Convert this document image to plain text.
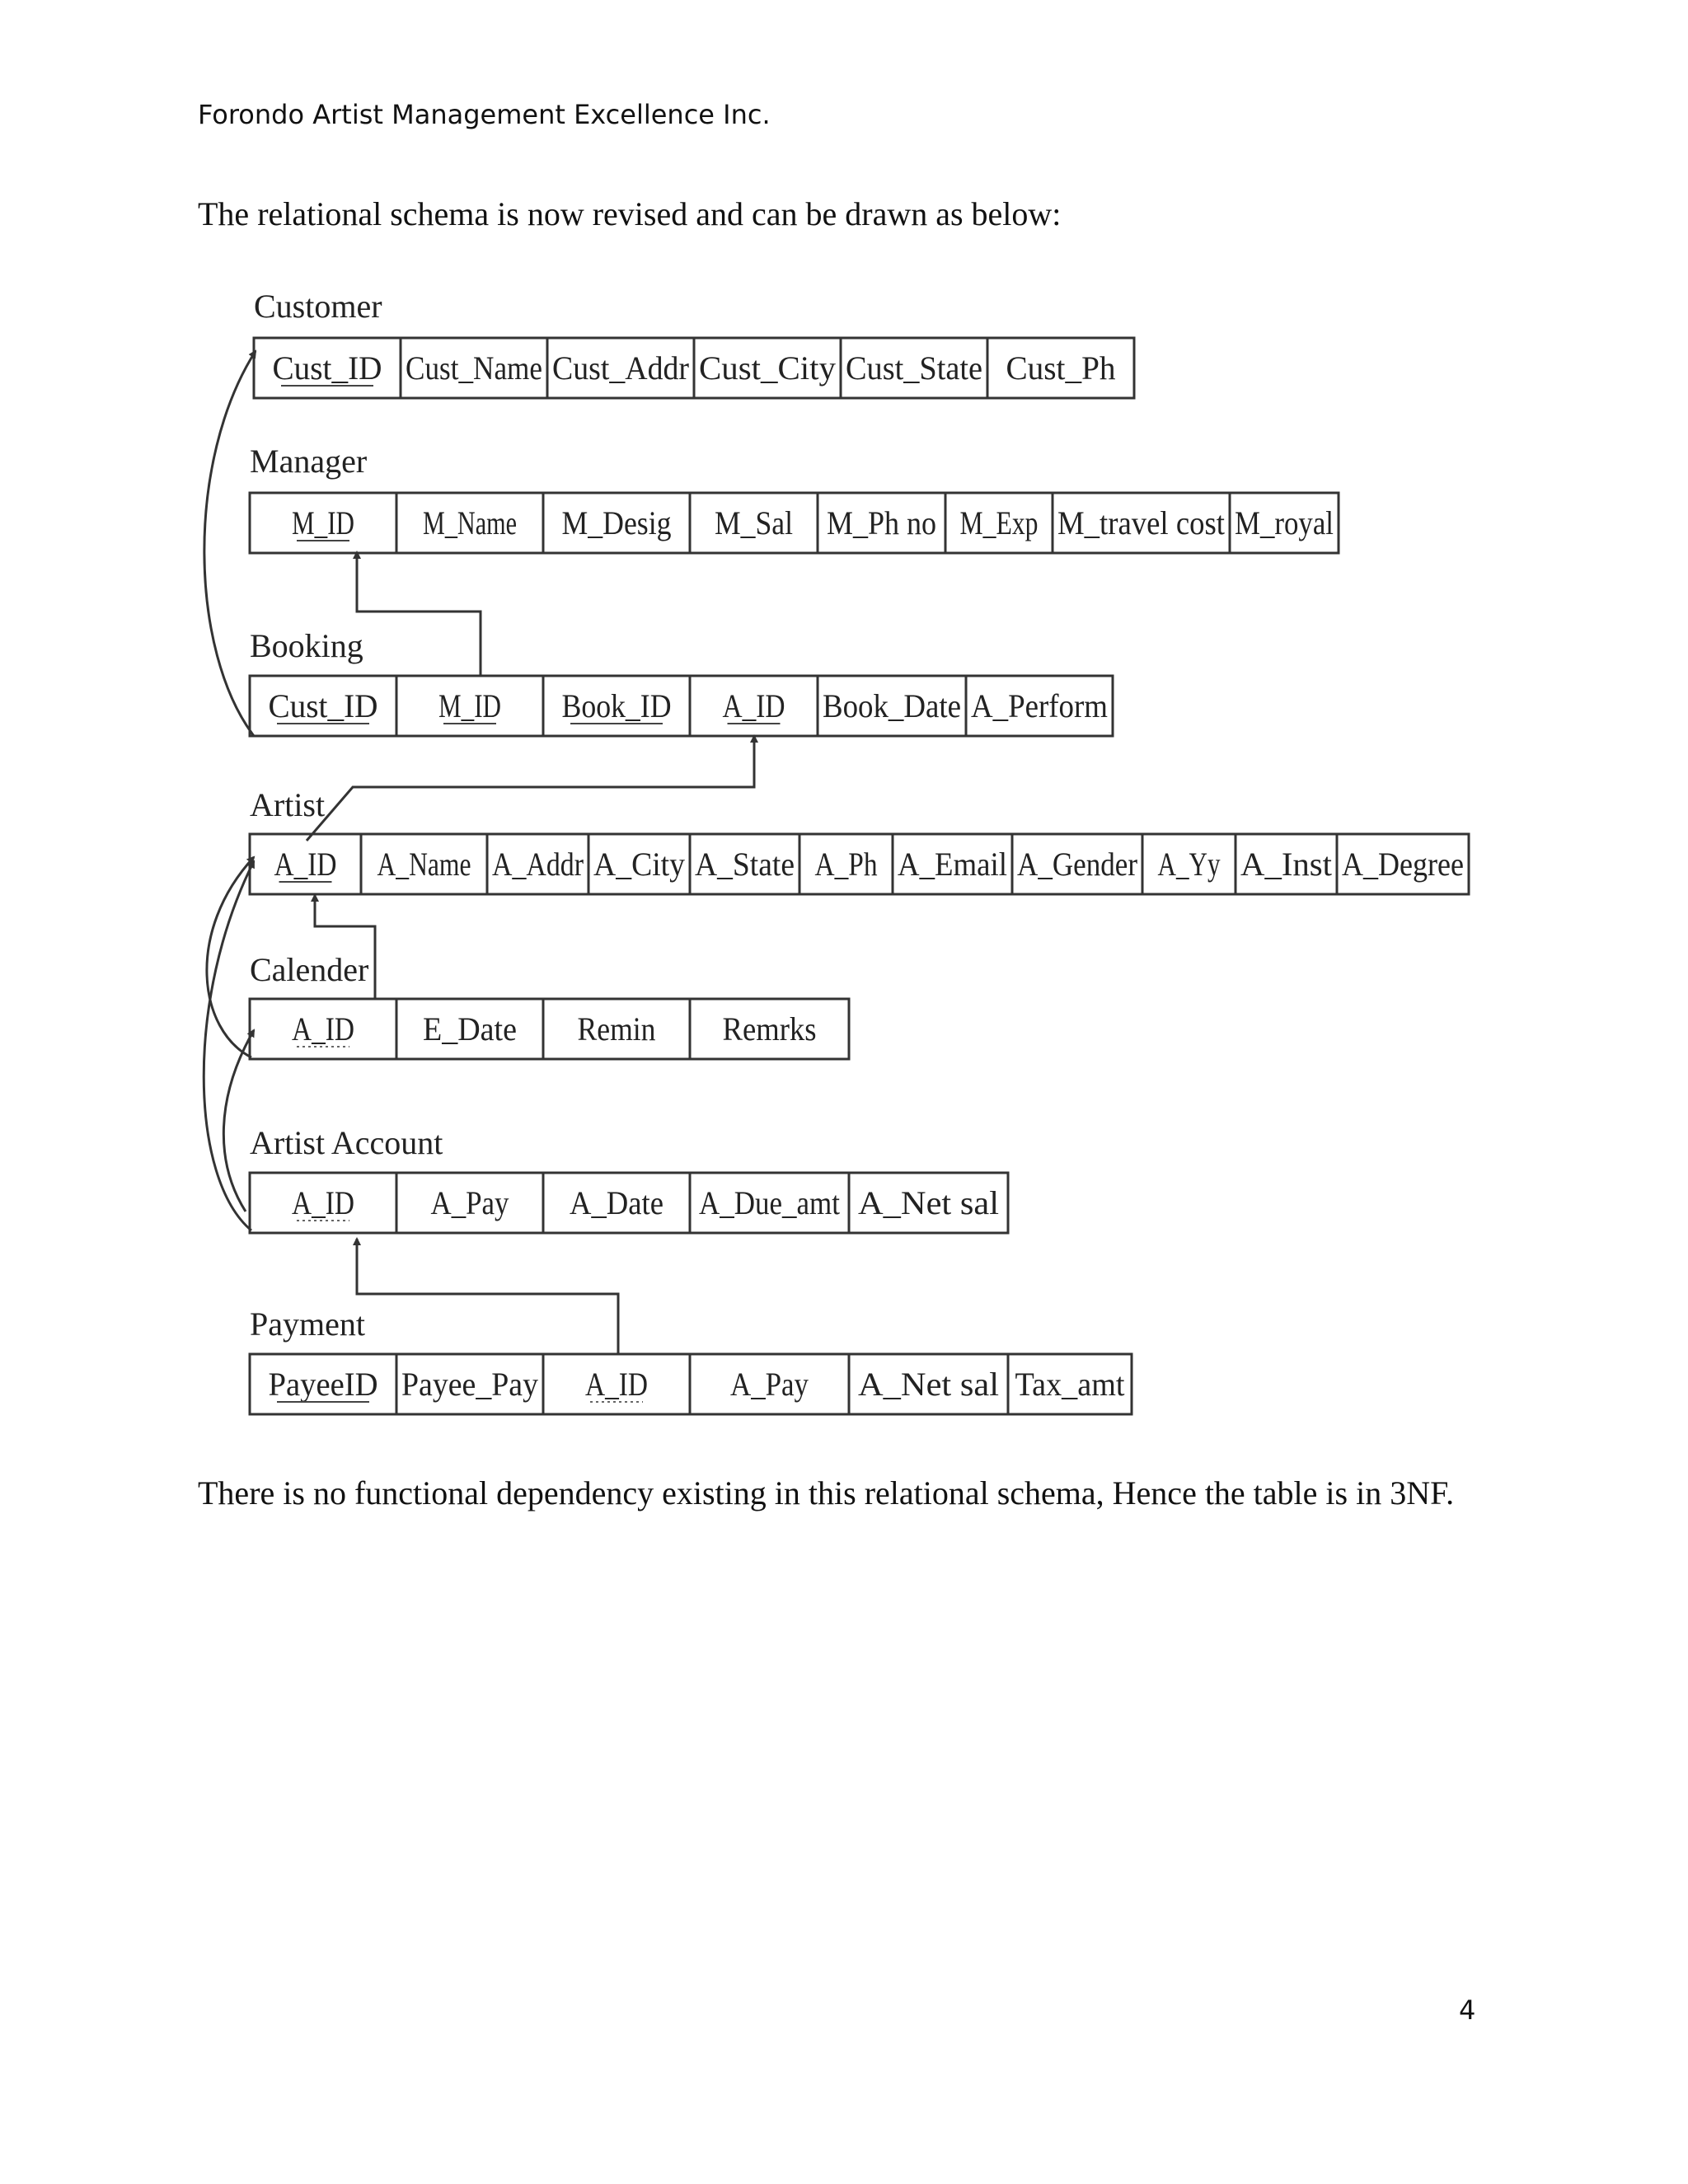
Forondo Artist Management Excellence Inc.
The relational schema is now revised and can be drawn as below:
Customer
Cust_ID Cust_Name Cust_Addr Cust_City Cust_State Cust_Ph
Manager
M_ID M_Name M_Desig M_Sal M_Ph no M_Exp M_travel cost M_royal
Booking
Cust_ID M_ID Book_ID A_ID Book_Date A_Perform
Artist
A_ID A_Name A_Addr A_City A_State A_Ph A_Email A_Gender A_Yy A_Inst A_Degree
Calender
A_ID E_Date Remin Remrks
Artist Account
A_ID A_Pay A_Date A_Due_amt A_Net sal
Payment
PayeeID Payee_Pay A_ID	A_Pay A_Net sal Tax_amt
There is no functional dependency existing in this relational schema, Hence the table is in 3NF.
4
